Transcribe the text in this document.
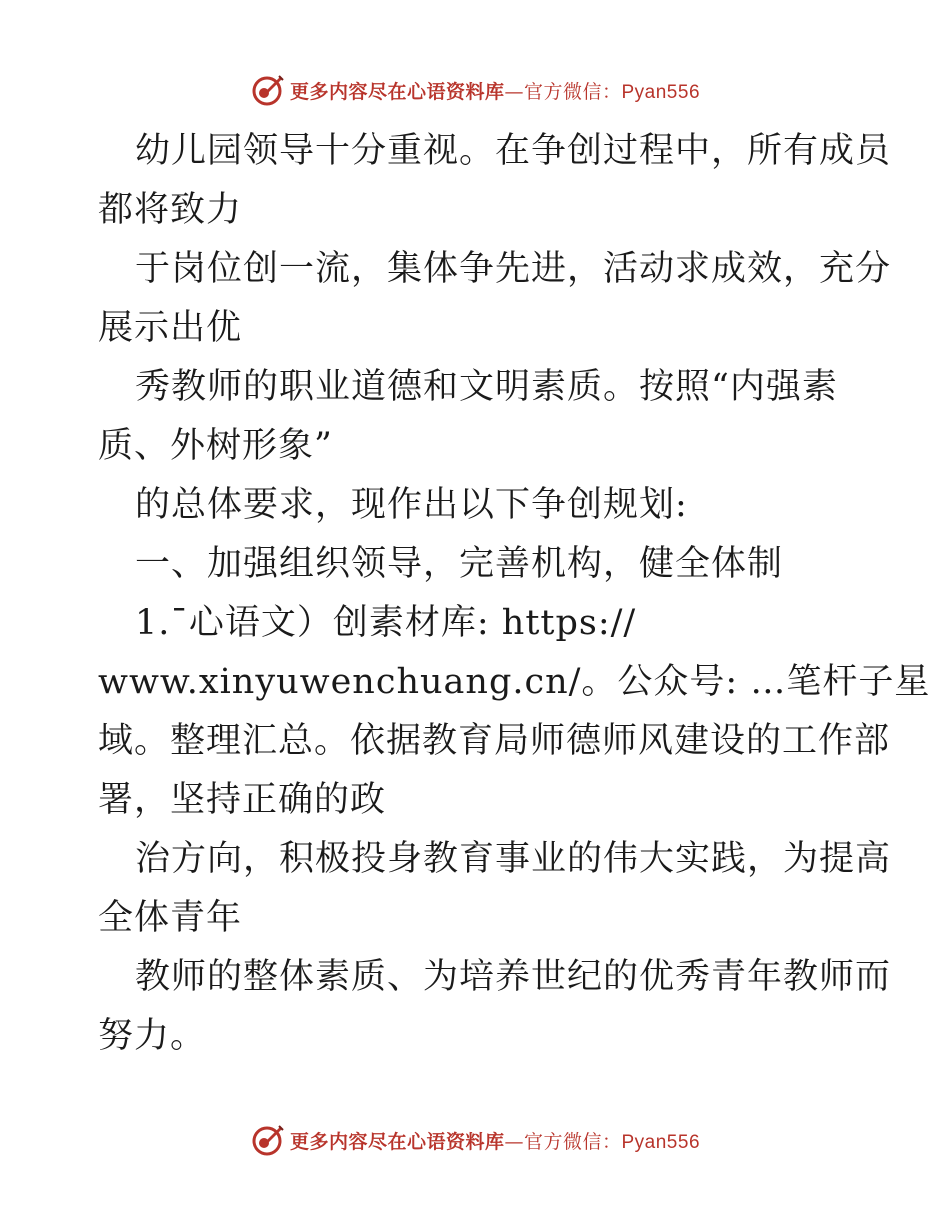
更多内容尽在心语资料库—官方微信：Pyan556
幼儿园领导十分重视。在争创过程中，所有成员
都将致力
于岗位创一流，集体争先进，活动求成效，充分
展示出优
秀教师的职业道德和文明素质。按照“内强素
质、外树形象”
的总体要求，现作出以下争创规划:
一、加强组织领导，完善机构，健全体制
1.¯心语文）创素材库: https://
www.xinyuwenchuang.cn/。公众号: …笔杆子星
域。整理汇总。依据教育局师德师风建设的工作部
署，坚持正确的政
治方向，积极投身教育事业的伟大实践，为提高
全体青年
教师的整体素质、为培养世纪的优秀青年教师而
努力。
更多内容尽在心语资料库—官方微信：Pyan556
